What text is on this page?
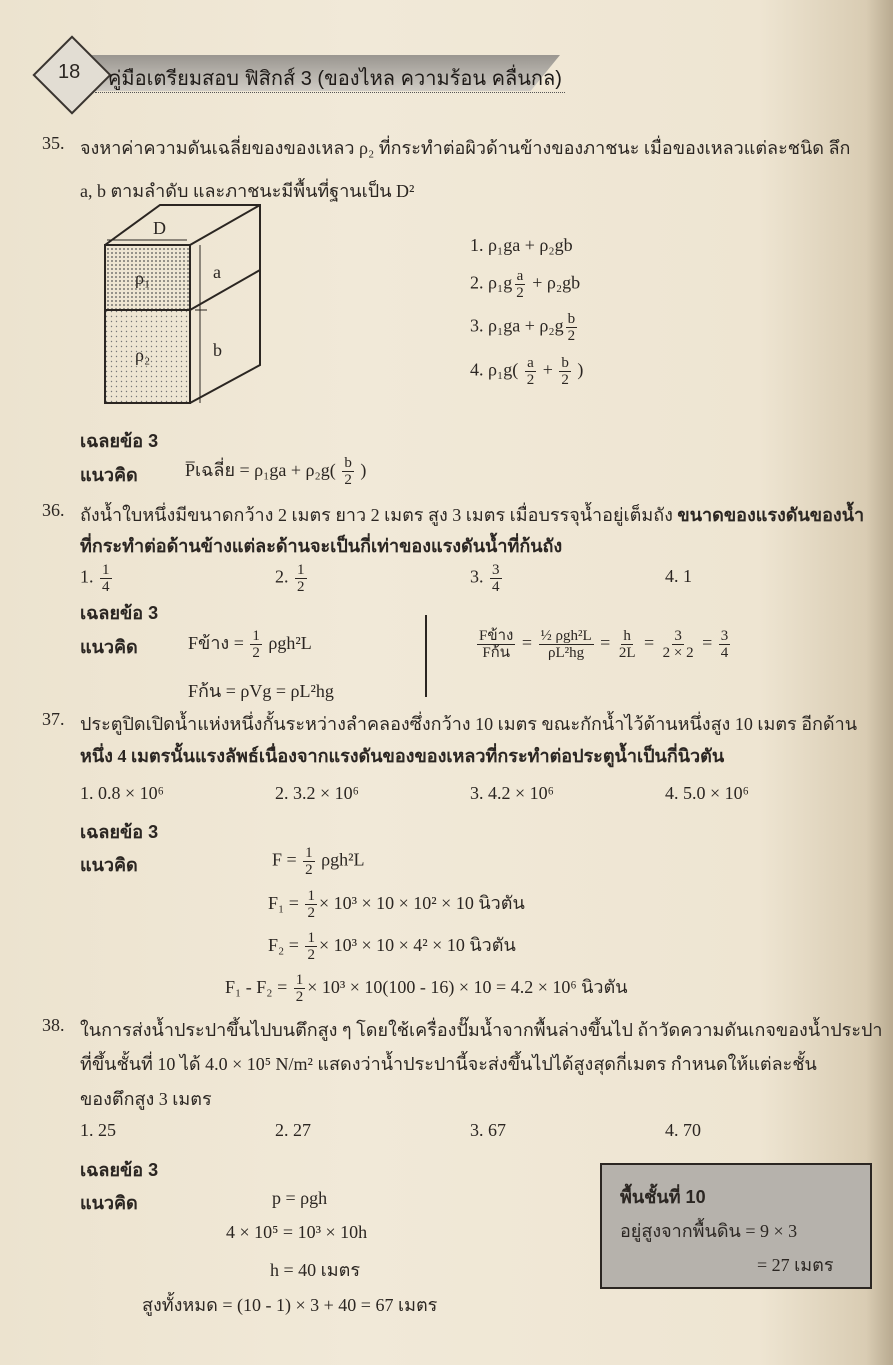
18 คู่มือเตรียมสอบ ฟิสิกส์ 3 (ของไหล ความร้อน คลื่นกล)
35. จงหาค่าความดันเฉลี่ยของของเหลว ρ₂ ที่กระทำต่อผิวด้านข้างของภาชนะ เมื่อของเหลวแต่ละชนิด ลึก
a, b ตามลำดับ และภาชนะมีพื้นที่ฐานเป็น D²
D
a
b
ρ₁
ρ₂
1. ρ₁ga + ρ₂gb
2. $\rho_1g \frac{a}{2} + \rho_2gb$
3. $\rho_1ga + \rho_2g \frac{b}{2}$
4. $\rho_1g( \frac{a}{2} + \frac{b}{2}$ )
เฉลยข้อ 3
แนวคิด	P̅เฉลี่ย = $\rho_1ga + \rho_2g( \frac{b}{2}$ )
36. ถังน้ำใบหนึ่งมีขนาดกว้าง 2 เมตร ยาว 2 เมตร สูง 3 เมตร เมื่อบรรจุน้ำอยู่เต็มถัง ขนาดของแรงดันของน้ำ
ที่กระทำต่อด้านข้างแต่ละด้านจะเป็นกี่เท่าของแรงดันน้ำที่ก้นถัง
1. $\frac{1}{4}$	2. $\frac{1}{2}$	3. $\frac{3}{4}$	4. 1
เฉลยข้อ 3
แนวคิด	Fข้าง = $\frac{1}{2} \rho gh^2L$
Fก้น = ρVg = ρL²hg
$\frac{\text{Fข้าง}}{\text{Fก้น}} = \frac{\text{½ ρgh²L}}{\text{ρL²hg}} = \frac{h}{2L} = \frac{3}{2 \times 2} = \frac{3}{4}$
37. ประตูปิดเปิดน้ำแห่งหนึ่งกั้นระหว่างลำคลองซึ่งกว้าง 10 เมตร ขณะกักน้ำไว้ด้านหนึ่งสูง 10 เมตร อีกด้าน
หนึ่ง 4 เมตรนั้นแรงลัพธ์เนื่องจากแรงดันของของเหลวที่กระทำต่อประตูน้ำเป็นกี่นิวตัน
1. 0.8 × 10⁶	2. 3.2 × 10⁶	3. 4.2 × 10⁶	4. 5.0 × 10⁶
เฉลยข้อ 3
แนวคิด	$F = \frac{1}{2} \rho gh^2L$
$F_1 = \frac{1}{2} \times 10^3 \times 10 \times 10^2 \times 10$ นิวตัน
$F_2 = \frac{1}{2} \times 10^3 \times 10 \times 4^2 \times 10$ นิวตัน
$F_1 - F_2 = \frac{1}{2} \times 10^3 \times 10(100 - 16) \times 10 = 4.2 \times 10^6$ นิวตัน
38. ในการส่งน้ำประปาขึ้นไปบนตึกสูง ๆ โดยใช้เครื่องปั๊มน้ำจากพื้นล่างขึ้นไป ถ้าวัดความดันเกจของน้ำประปา
ที่ขึ้นชั้นที่ 10 ได้ 4.0 × 10⁵ N/m² แสดงว่าน้ำประปานี้จะส่งขึ้นไปได้สูงสุดกี่เมตร กำหนดให้แต่ละชั้น
ของตึกสูง 3 เมตร
1. 25	2. 27	3. 67	4. 70
เฉลยข้อ 3
แนวคิด	p = ρgh
4 × 10⁵ = 10³ × 10h
h = 40 เมตร
สูงทั้งหมด = (10 - 1) × 3 + 40 = 67 เมตร
พื้นชั้นที่ 10
อยู่สูงจากพื้นดิน = 9 × 3
= 27 เมตร
